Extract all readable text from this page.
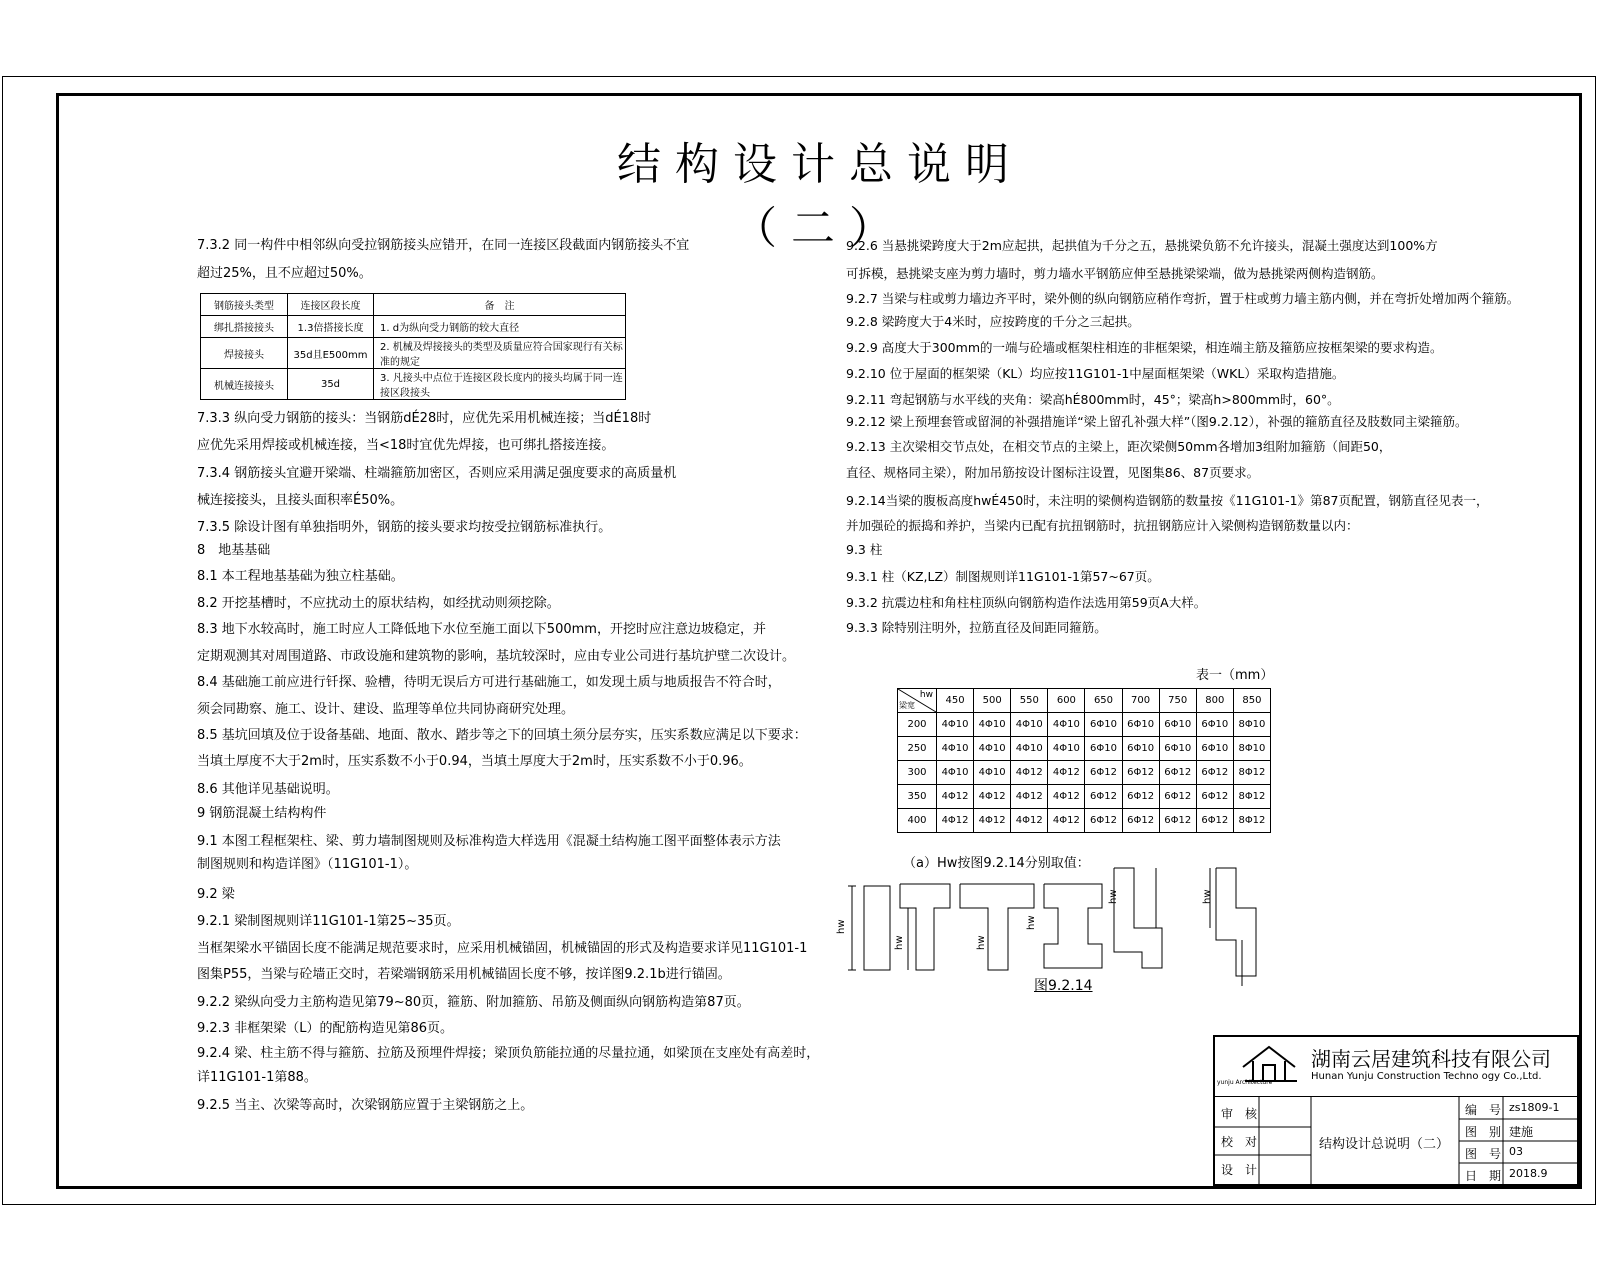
结构设计总说明（二）
7.3.2 同一构件中相邻纵向受拉钢筋接头应错开，在同一连接区段截面内钢筋接头不宜
超过25%，且不应超过50%。
钢筋接头类型	连接区段长度	备　注
绑扎搭接接头	1.3倍搭接长度	1. d为纵向受力钢筋的较大直径
焊接接头	35d且E500mm	2. 机械及焊接接头的类型及质量应符合国家现行有关标准的规定
机械连接接头	35d	3. 凡接头中点位于连接区段长度内的接头均属于同一连接区段接头
7.3.3 纵向受力钢筋的接头：当钢筋dÉ28时，应优先采用机械连接；当dÉ18时
应优先采用焊接或机械连接，当<18时宜优先焊接，也可绑扎搭接连接。
7.3.4 钢筋接头宜避开梁端、柱端箍筋加密区，否则应采用满足强度要求的高质量机
械连接接头，且接头面积率É50%。
7.3.5 除设计图有单独指明外，钢筋的接头要求均按受拉钢筋标准执行。
8　地基基础
8.1 本工程地基基础为独立柱基础。
8.2 开挖基槽时，不应扰动土的原状结构，如经扰动则须挖除。
8.3 地下水较高时，施工时应人工降低地下水位至施工面以下500mm，开挖时应注意边坡稳定，并
定期观测其对周围道路、市政设施和建筑物的影响，基坑较深时，应由专业公司进行基坑护壁二次设计。
8.4 基础施工前应进行钎探、验槽，待明无误后方可进行基础施工，如发现土质与地质报告不符合时，
须会同勘察、施工、设计、建设、监理等单位共同协商研究处理。
8.5 基坑回填及位于设备基础、地面、散水、踏步等之下的回填土须分层夯实，压实系数应满足以下要求：
当填土厚度不大于2m时，压实系数不小于0.94，当填土厚度大于2m时，压实系数不小于0.96。
8.6 其他详见基础说明。
9 钢筋混凝土结构构件
9.1 本图工程框架柱、梁、剪力墙制图规则及标准构造大样选用《混凝土结构施工图平面整体表示方法
制图规则和构造详图》（11G101-1）。
9.2 梁
9.2.1 梁制图规则详11G101-1第25~35页。
当框架梁水平锚固长度不能满足规范要求时，应采用机械锚固，机械锚固的形式及构造要求详见11G101-1
图集P55，当梁与砼墙正交时，若梁端钢筋采用机械锚固长度不够，按详图9.2.1b进行锚固。
9.2.2 梁纵向受力主筋构造见第79~80页，箍筋、附加箍筋、吊筋及侧面纵向钢筋构造第87页。
9.2.3 非框架梁（L）的配筋构造见第86页。
9.2.4 梁、柱主筋不得与箍筋、拉筋及预埋件焊接；梁顶负筋能拉通的尽量拉通，如梁顶在支座处有高差时，
详11G101-1第88。
9.2.5 当主、次梁等高时，次梁钢筋应置于主梁钢筋之上。
9.2.6 当悬挑梁跨度大于2m应起拱，起拱值为千分之五，悬挑梁负筋不允许接头，混凝土强度达到100%方
可拆模，悬挑梁支座为剪力墙时，剪力墙水平钢筋应伸至悬挑梁梁端，做为悬挑梁两侧构造钢筋。
9.2.7 当梁与柱或剪力墙边齐平时，梁外侧的纵向钢筋应稍作弯折，置于柱或剪力墙主筋内侧，并在弯折处增加两个箍筋。
9.2.8 梁跨度大于4米时，应按跨度的千分之三起拱。
9.2.9 高度大于300mm的一端与砼墙或框架柱相连的非框架梁，相连端主筋及箍筋应按框架梁的要求构造。
9.2.10 位于屋面的框架梁（KL）均应按11G101-1中屋面框架梁（WKL）采取构造措施。
9.2.11 弯起钢筋与水平线的夹角：梁高hÉ800mm时，45°；梁高h>800mm时，60°。
9.2.12 梁上预埋套管或留洞的补强措施详“梁上留孔补强大样”（图9.2.12），补强的箍筋直径及肢数同主梁箍筋。
9.2.13 主次梁相交节点处，在相交节点的主梁上，距次梁侧50mm各增加3组附加箍筋（间距50，
直径、规格同主梁），附加吊筋按设计图标注设置，见图集86、87页要求。
9.2.14当梁的腹板高度hwÉ450时，未注明的梁侧构造钢筋的数量按《11G101-1》第87页配置，钢筋直径见表一，
并加强砼的振捣和养护，当梁内已配有抗扭钢筋时，抗扭钢筋应计入梁侧构造钢筋数量以内：
9.3 柱
9.3.1 柱（KZ,LZ）制图规则详11G101-1第57~67页。
9.3.2 抗震边柱和角柱柱顶纵向钢筋构造作法选用第59页A大样。
9.3.3 除特别注明外，拉筋直径及间距同箍筋。
表一（mm）
hw
梁宽	450	500	550	600	650	700	750	800	850
200	4Φ10	4Φ10	4Φ10	4Φ10	6Φ10	6Φ10	6Φ10	6Φ10	8Φ10
250	4Φ10	4Φ10	4Φ10	4Φ10	6Φ10	6Φ10	6Φ10	6Φ10	8Φ10
300	4Φ10	4Φ10	4Φ12	4Φ12	6Φ12	6Φ12	6Φ12	6Φ12	8Φ12
350	4Φ12	4Φ12	4Φ12	4Φ12	6Φ12	6Φ12	6Φ12	6Φ12	8Φ12
400	4Φ12	4Φ12	4Φ12	4Φ12	6Φ12	6Φ12	6Φ12	6Φ12	8Φ12
（a）Hw按图9.2.14分别取值：
hw
hw	hw
hw
hw	hw
图9.2.14
yunju Architecture
湖南云居建筑科技有限公司
Hunan Yunju Construction Techno ogy Co.,Ltd.
审　核
校　对
设　计
结构设计总说明（二）
编　号 zs1809-1
图　别 建施
图　号 03
日　期 2018.9
